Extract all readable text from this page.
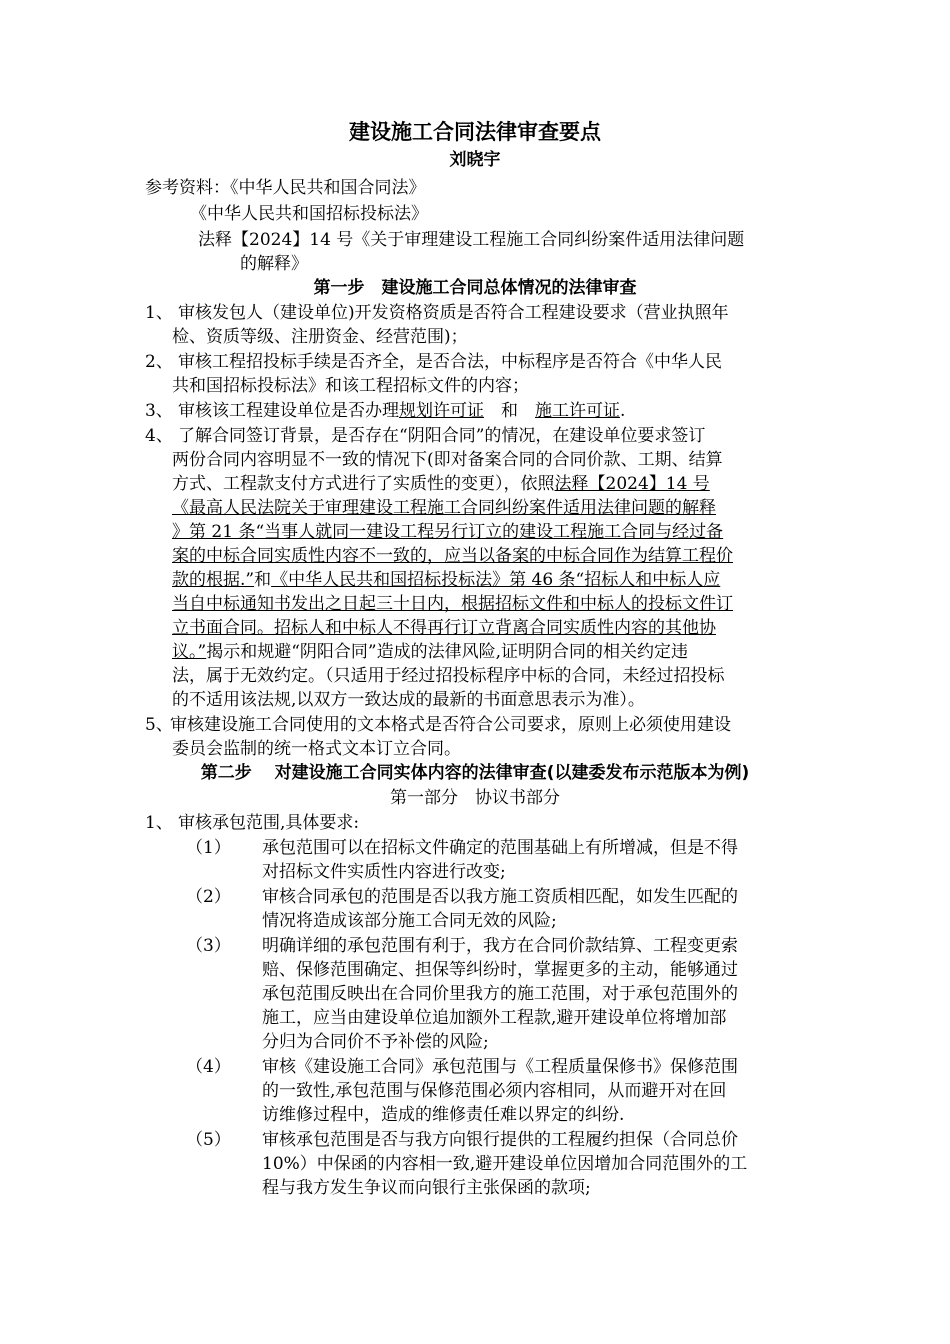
建设施工合同法律审查要点
刘晓宇
参考资料：《中华人民共和国合同法》
《中华人民共和国招标投标法》
法释【2024】14 号《关于审理建设工程施工合同纠纷案件适用法律问题
的解释》
第一步　建设施工合同总体情况的法律审查
1、 审核发包人（建设单位)开发资格资质是否符合工程建设要求（营业执照年
检、资质等级、注册资金、经营范围)；
2、 审核工程招投标手续是否齐全，是否合法，中标程序是否符合《中华人民
共和国招标投标法》和该工程招标文件的内容；
3、 审核该工程建设单位是否办理规划许可证　和　施工许可证.
4、 了解合同签订背景，是否存在“阴阳合同”的情况，在建设单位要求签订
两份合同内容明显不一致的情况下(即对备案合同的合同价款、工期、结算
方式、工程款支付方式进行了实质性的变更），依照法释【2024】14 号
《最高人民法院关于审理建设工程施工合同纠纷案件适用法律问题的解释
》第 21 条“当事人就同一建设工程另行订立的建设工程施工合同与经过备
案的中标合同实质性内容不一致的，应当以备案的中标合同作为结算工程价
款的根据.”和《中华人民共和国招标投标法》第 46 条“招标人和中标人应
当自中标通知书发出之日起三十日内，根据招标文件和中标人的投标文件订
立书面合同。招标人和中标人不得再行订立背离合同实质性内容的其他协
议。”揭示和规避“阴阳合同”造成的法律风险,证明阴合同的相关约定违
法，属于无效约定。（只适用于经过招投标程序中标的合同，未经过招投标
的不适用该法规,以双方一致达成的最新的书面意思表示为准）。
5、
审核建设施工合同使用的文本格式是否符合公司要求，原则上必须使用建设
委员会监制的统一格式文本订立合同。
第二步　 对建设施工合同实体内容的法律审查(以建委发布示范版本为例)
第一部分　协议书部分
1、 审核承包范围,具体要求:
（1） 承包范围可以在招标文件确定的范围基础上有所增减，但是不得
对招标文件实质性内容进行改变;
（2） 审核合同承包的范围是否以我方施工资质相匹配，如发生匹配的
情况将造成该部分施工合同无效的风险;
（3） 明确详细的承包范围有利于，我方在合同价款结算、工程变更索
赔、保修范围确定、担保等纠纷时，掌握更多的主动，能够通过
承包范围反映出在合同价里我方的施工范围，对于承包范围外的
施工，应当由建设单位追加额外工程款,避开建设单位将增加部
分归为合同价不予补偿的风险;
（4） 审核《建设施工合同》承包范围与《工程质量保修书》保修范围
的一致性,承包范围与保修范围必须内容相同，从而避开对在回
访维修过程中，造成的维修责任难以界定的纠纷.
（5） 审核承包范围是否与我方向银行提供的工程履约担保（合同总价
10%）中保函的内容相一致,避开建设单位因增加合同范围外的工
程与我方发生争议而向银行主张保函的款项;
